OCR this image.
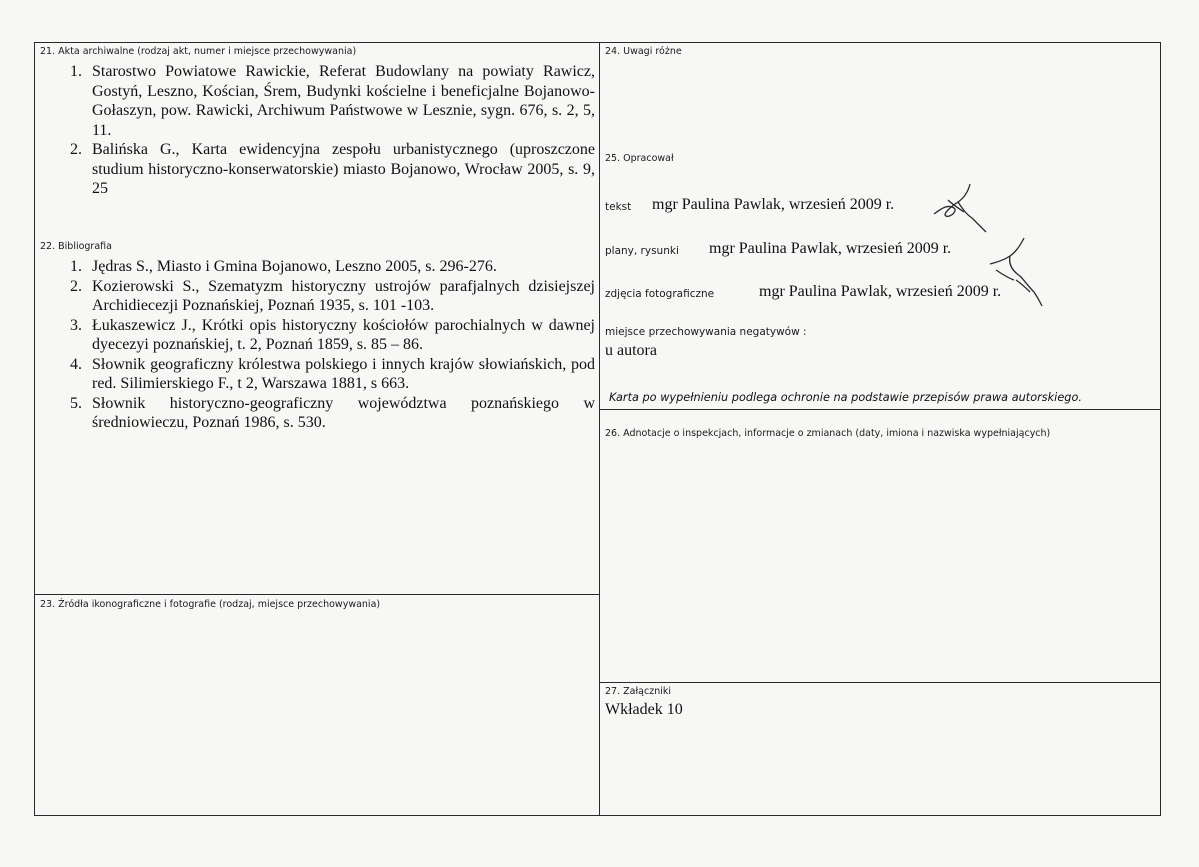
21. Akta archiwalne (rodzaj akt, numer i miejsce przechowywania)
1. Starostwo Powiatowe Rawickie, Referat Budowlany na powiaty Rawicz, Gostyń, Leszno, Kościan, Śrem, Budynki kościelne i beneficjalne Bojanowo-Gołaszyn, pow. Rawicki, Archiwum Państwowe w Lesznie, sygn. 676, s. 2, 5, 11.
2. Balińska G., Karta ewidencyjna zespołu urbanistycznego (uproszczone studium historyczno-konserwatorskie) miasto Bojanowo, Wrocław 2005, s. 9, 25
22. Bibliografia
1. Jędras S., Miasto i Gmina Bojanowo, Leszno 2005, s. 296-276.
2. Kozierowski S., Szematyzm historyczny ustrojów parafjalnych dzisiejszej Archidiecezji Poznańskiej, Poznań 1935, s. 101 -103.
3. Łukaszewicz J., Krótki opis historyczny kościołów parochialnych w dawnej dyecezyi poznańskiej, t. 2, Poznań 1859, s. 85 – 86.
4. Słownik geograficzny królestwa polskiego i innych krajów słowiańskich, pod red. Silimierskiego F., t 2, Warszawa 1881, s 663.
5. Słownik historyczno-geograficzny województwa poznańskiego w średniowieczu, Poznań 1986, s. 530.
23. Źródła ikonograficzne i fotografie (rodzaj, miejsce przechowywania)
24. Uwagi różne
25. Opracował
tekst mgr Paulina Pawlak, wrzesień 2009 r.
plany, rysunki mgr Paulina Pawlak, wrzesień 2009 r.
zdjęcia fotograficzne	mgr Paulina Pawlak, wrzesień 2009 r.
miejsce przechowywania negatywów :
u autora
Karta po wypełnieniu podlega ochronie na podstawie przepisów prawa autorskiego.
26. Adnotacje o inspekcjach, informacje o zmianach (daty, imiona i nazwiska wypełniających)
27. Załączniki
Wkładek 10
